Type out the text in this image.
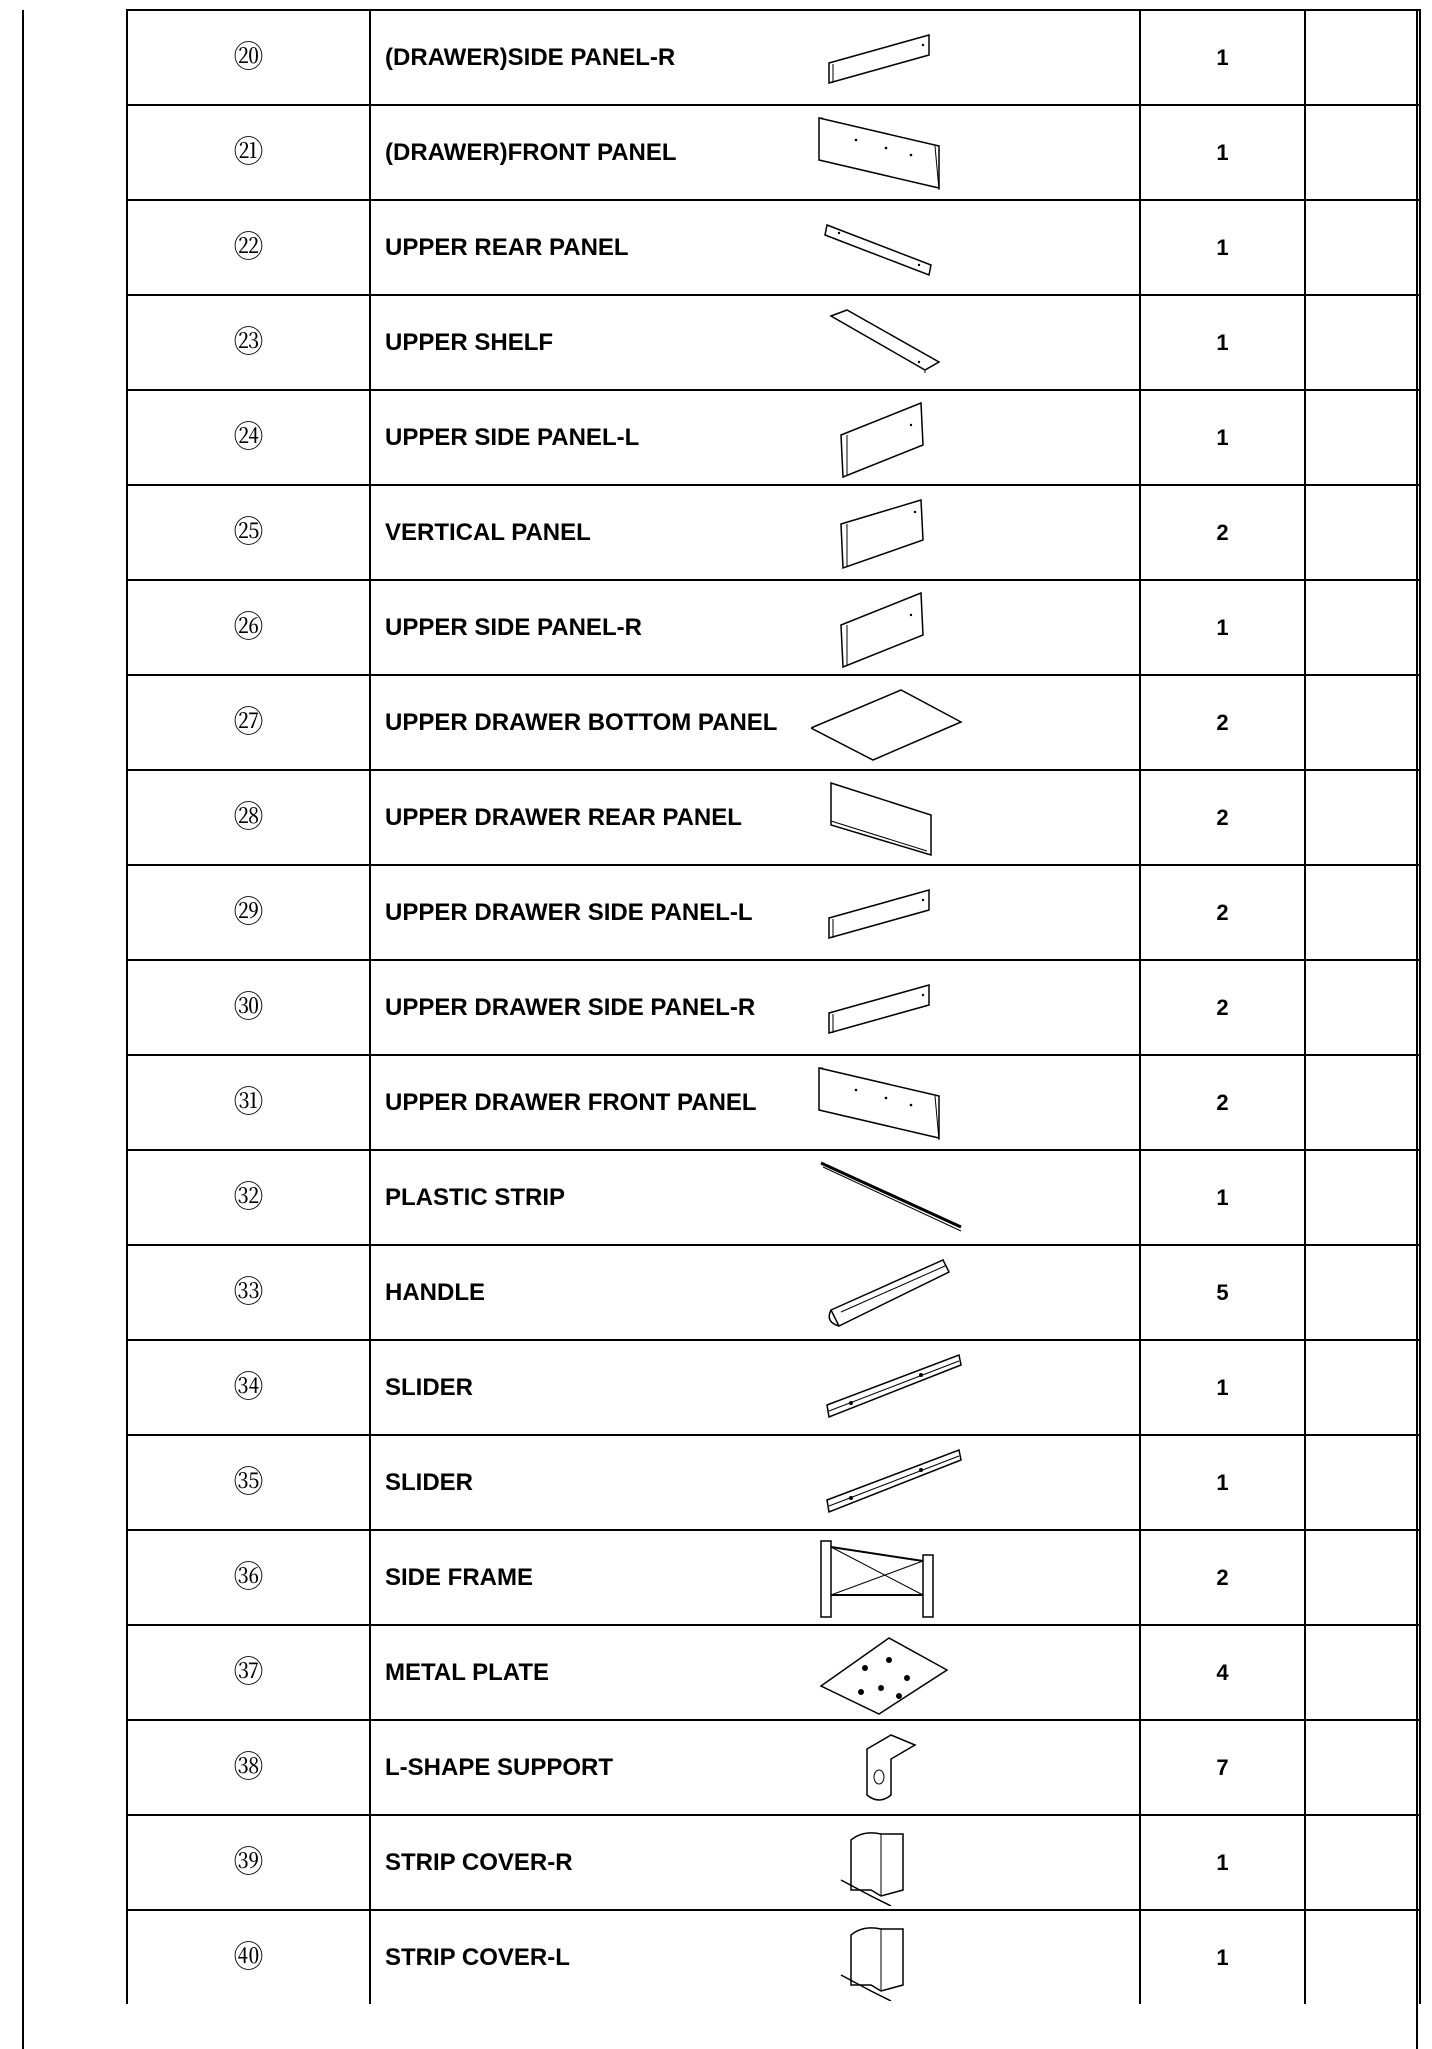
⑳	(DRAWER)SIDE PANEL-R	1	
㉑	(DRAWER)FRONT PANEL	1	
㉒	UPPER REAR PANEL	1	
㉓	UPPER SHELF	1	
㉔	UPPER SIDE PANEL-L	1	
㉕	VERTICAL PANEL	2	
㉖	UPPER SIDE PANEL-R	1	
㉗	UPPER DRAWER BOTTOM PANEL	2	
㉘	UPPER DRAWER REAR PANEL	2	
㉙	UPPER DRAWER SIDE PANEL-L	2	
㉚	UPPER DRAWER SIDE PANEL-R	2	
㉛	UPPER DRAWER FRONT PANEL	2	
㉜	PLASTIC STRIP	1	
㉝	HANDLE	5	
㉞	SLIDER	1	
㉟	SLIDER	1	
㊱	SIDE FRAME	2	
㊲	METAL PLATE	4	
㊳	L-SHAPE SUPPORT	7	
㊴	STRIP COVER-R	1	
㊵	STRIP COVER-L	1	
